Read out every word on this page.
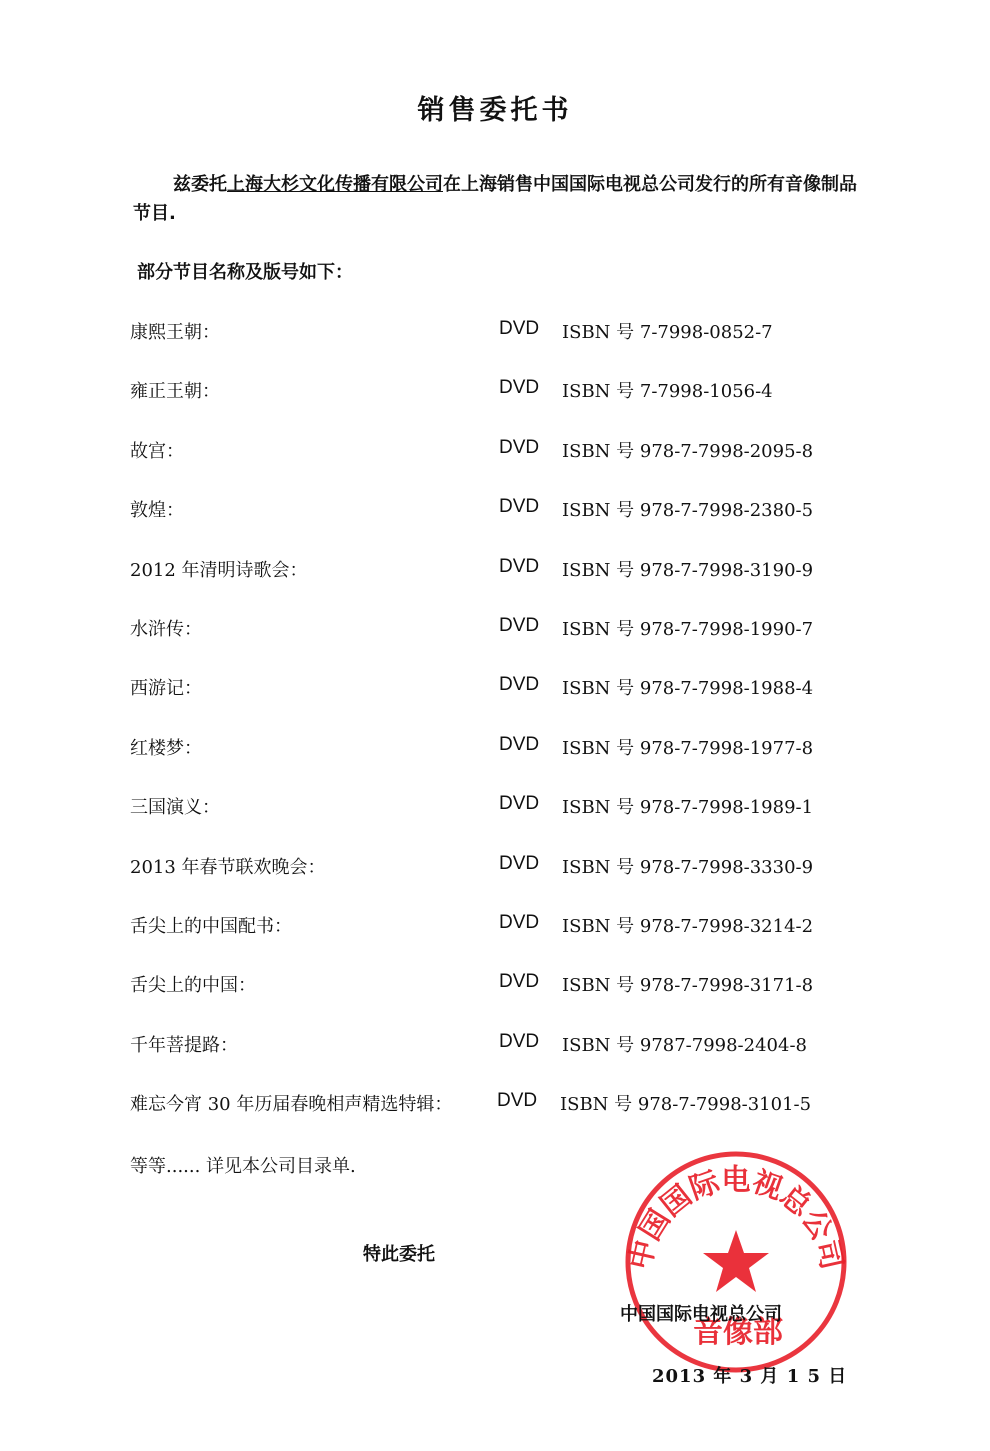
销售委托书
兹委托上海大杉文化传播有限公司在上海销售中国国际电视总公司发行的所有音像制品节目.
部分节目名称及版号如下：
康熙王朝：	DVD ISBN 号 7-7998-0852-7
雍正王朝：	DVD ISBN 号 7-7998-1056-4
故宫：	DVD ISBN 号 978-7-7998-2095-8
敦煌：	DVD ISBN 号 978-7-7998-2380-5
2012 年清明诗歌会：	DVD ISBN 号 978-7-7998-3190-9
水浒传：	DVD ISBN 号 978-7-7998-1990-7
西游记：	DVD ISBN 号 978-7-7998-1988-4
红楼梦：	DVD ISBN 号 978-7-7998-1977-8
三国演义：	DVD ISBN 号 978-7-7998-1989-1
2013 年春节联欢晚会：	DVD ISBN 号 978-7-7998-3330-9
舌尖上的中国配书：	DVD ISBN 号 978-7-7998-3214-2
舌尖上的中国：	DVD ISBN 号 978-7-7998-3171-8
千年菩提路：	DVD ISBN 号 9787-7998-2404-8
难忘今宵 30 年历届春晚相声精选特辑： DVD ISBN 号 978-7-7998-3101-5
等等...... 详见本公司目录单.
特此委托	中国国际电视总公司
音像部
中国国际电视总公司
2013 年 3 月 1 5 日
